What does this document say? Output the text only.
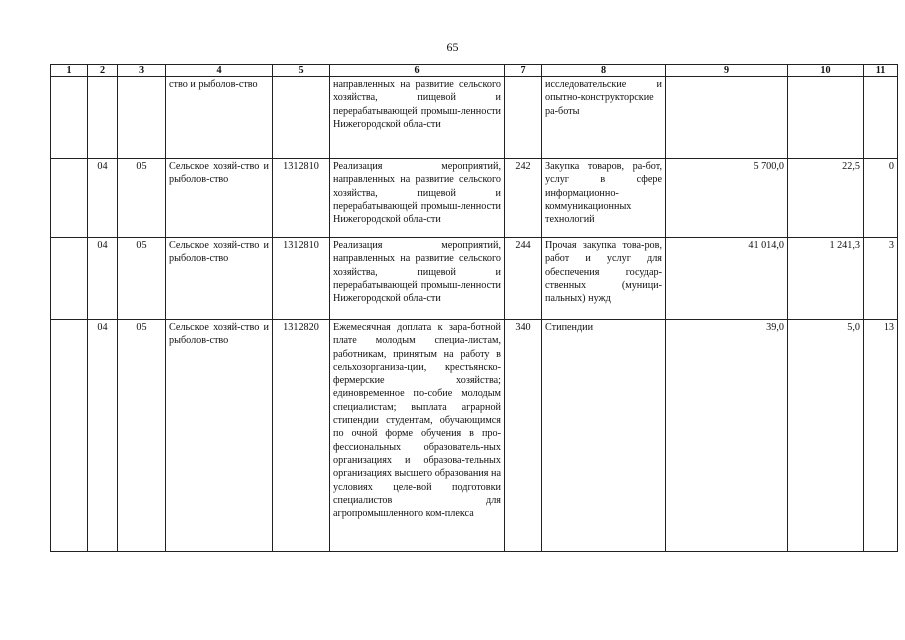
65
1	2	3	4	5	6	7	8	9	10	11
			ство и рыболов-ство		направленных на развитие сельского хозяйства, пищевой и перерабатывающей промыш-ленности Нижегородской обла-сти		исследовательские и опытно-конструкторские ра-боты			
	04	05	Сельское хозяй-ство и рыболов-ство	1312810	Реализация мероприятий, направленных на развитие сельского хозяйства, пищевой и перерабатывающей промыш-ленности Нижегородской обла-сти	242	Закупка товаров, ра-бот, услуг в сфере информационно-коммуникационных технологий	5 700,0	22,5	0
	04	05	Сельское хозяй-ство и рыболов-ство	1312810	Реализация мероприятий, направленных на развитие сельского хозяйства, пищевой и перерабатывающей промыш-ленности Нижегородской обла-сти	244	Прочая закупка това-ров, работ и услуг для обеспечения государ-ственных (муници-пальных) нужд	41 014,0	1 241,3	3
	04	05	Сельское хозяй-ство и рыболов-ство	1312820	Ежемесячная доплата к зара-ботной плате молодым специа-листам, работникам, принятым на работу в сельхозорганиза-ции, крестьянско-фермерские хозяйства; единовременное по-собие молодым специалистам; выплата аграрной стипендии студентам, обучающимся по очной форме обучения в про-фессиональных образователь-ных организациях и образова-тельных организациях высшего образования на условиях целе-вой подготовки специалистов для агропромышленного ком-плекса	340	Стипендии	39,0	5,0	13
